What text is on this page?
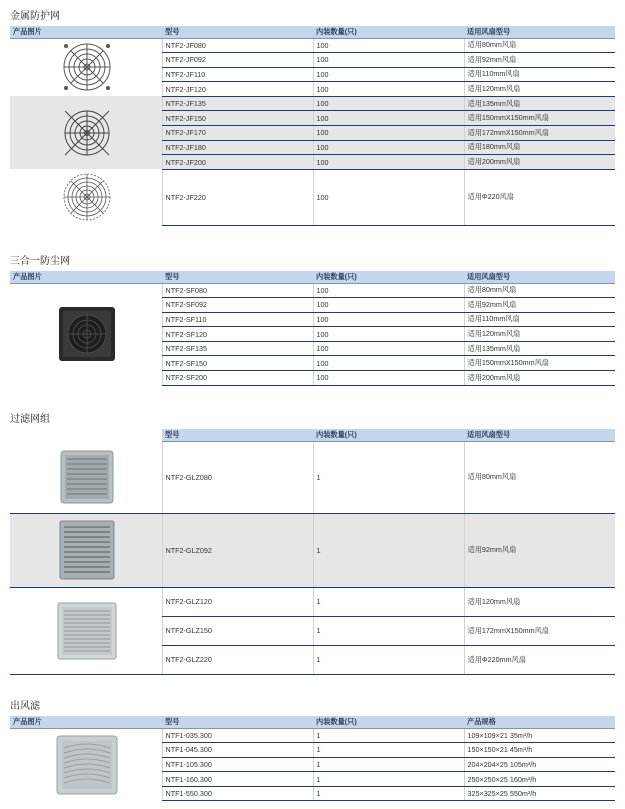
金属防护网
产品图片	型号	内装数量(只)	适用风扇型号

	NTF2-JF080	100	适用80mm风扇
	NTF2-JF092	100	适用92mm风扇
	NTF2-JF110	100	适用110mm风扇
	NTF2-JF120	100	适用120mm风扇

	NTF2-JF135	100	适用135mm风扇
	NTF2-JF150	100	适用150mmX150mm风扇
	NTF2-JF170	100	适用172mmX150mm风扇
	NTF2-JF180	100	适用180mm风扇
	NTF2-JF200	100	适用200mm风扇

	NTF2-JF220	100	适用Φ220风扇
三合一防尘网
产品图片	型号	内装数量(只)	适用风扇型号

	NTF2-SF080	100	适用80mm风扇
	NTF2-SF092	100	适用92mm风扇
	NTF2-SF110	100	适用110mm风扇
	NTF2-SF120	100	适用120mm风扇
	NTF2-SF135	100	适用135mm风扇
	NTF2-SF150	100	适用150mmX150mm风扇
	NTF2-SF200	100	适用200mm风扇
过滤网组
	型号	内装数量(只)	适用风扇型号

	NTF2-GLZ080	1	适用80mm风扇

	NTF2-GLZ092	1	适用92mm风扇

	NTF2-GLZ120	1	适用120mm风扇
	NTF2-GLZ150	1	适用172mmX150mm风扇
	NTF2-GLZ220	1	适用Φ220mm风扇
出风滤
产品图片	型号	内装数量(只)	产品规格

	NTF1-035.300	1	109×109×21 35m³/h
	NTF1-045.300	1	150×150×21 45m³/h
	NTF1-105.300	1	204×204×25 105m³/h
	NTF1-160.300	1	250×250×25 160m³/h
	NTF1-550.300	1	325×325×25 550m³/h
